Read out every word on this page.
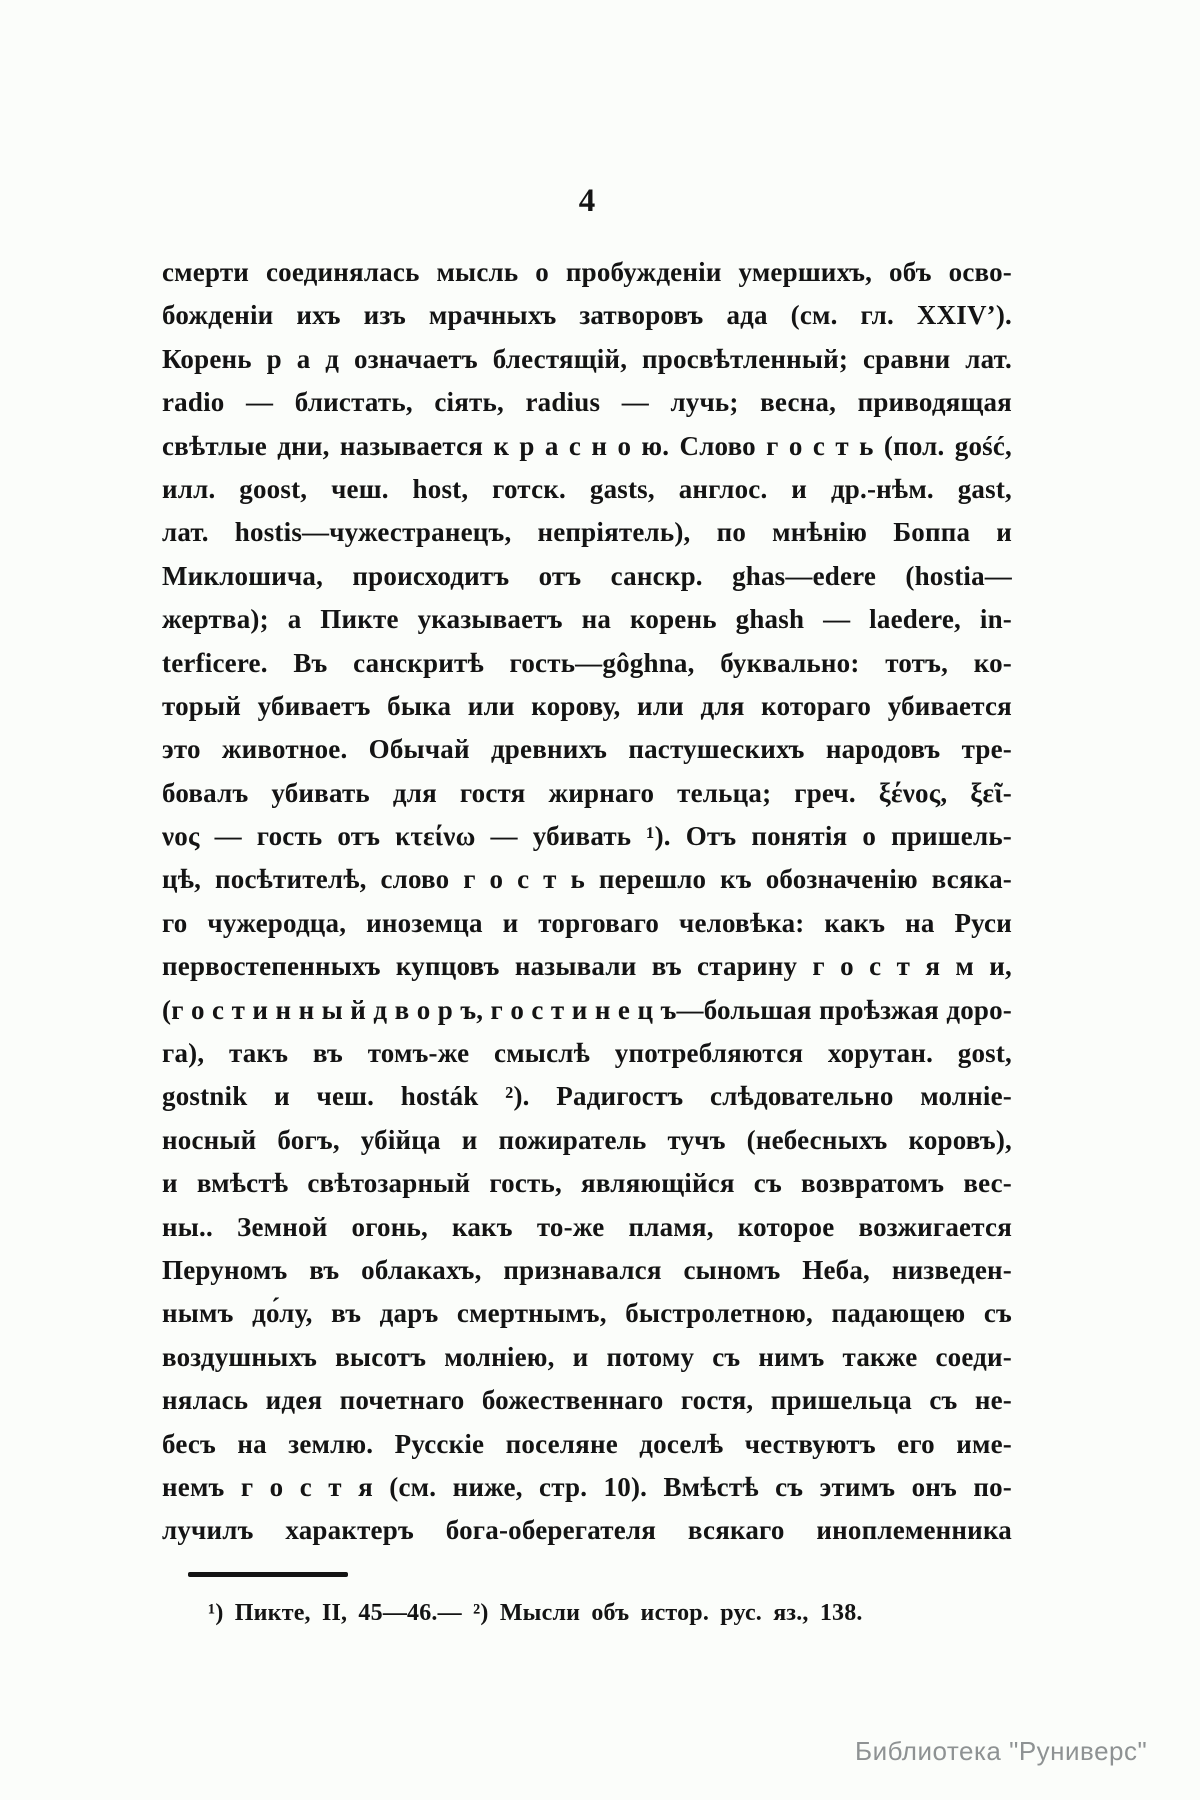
4
смерти соединялась мысль о пробужденіи умершихъ, объ осво-
божденіи ихъ изъ мрачныхъ затворовъ ада (см. гл. XXIV’).
Корень р а д означаетъ блестящій, просвѣтленный; сравни лат.
radio — блистать, сіять, radius — лучь; весна, приводящая
свѣтлые дни, называется к р а с н о ю. Слово г о с т ь (пол. gość,
илл. goost, чеш. host, готск. gasts, англос. и др.-нѣм. gast,
лат. hostis—чужестранецъ, непріятель), по мнѣнію Боппа и
Миклошича, происходитъ отъ санскр. ghas—edere (hostia—
жертва); а Пикте указываетъ на корень ghash — laedere, in-
terficere. Въ санскритѣ гость—gôghna, буквально: тотъ, ко-
торый убиваетъ быка или корову, или для котораго убивается
это животное. Обычай древнихъ пастушескихъ народовъ тре-
бовалъ убивать для гостя жирнаго тельца; греч. ξένος, ξεῖ-
νος — гость отъ κτείνω — убивать ¹). Отъ понятія о пришель-
цѣ, посѣтителѣ, слово г о с т ь перешло къ обозначенію всяка-
го чужеродца, иноземца и торговаго человѣка: какъ на Руси
первостепенныхъ купцовъ называли въ старину г о с т я м и,
(г о с т и н н ы й д в о р ъ, г о с т и н е ц ъ—большая проѣзжая доро-
га), такъ въ томъ-же смыслѣ употребляются хорутан. gost,
gostnik и чеш. hosták ²). Радигостъ слѣдовательно молніе-
носный богъ, убійца и пожиратель тучъ (небесныхъ коровъ),
и вмѣстѣ свѣтозарный гость, являющійся съ возвратомъ вес-
ны.. Земной огонь, какъ то-же пламя, которое возжигается
Перуномъ въ облакахъ, признавался сыномъ Неба, низведен-
нымъ до́лу, въ даръ смертнымъ, быстролетною, падающею съ
воздушныхъ высотъ молніею, и потому съ нимъ также соеди-
нялась идея почетнаго божественнаго гостя, пришельца съ не-
бесъ на землю. Русскіе поселяне доселѣ чествуютъ его име-
немъ г о с т я (см. ниже, стр. 10). Вмѣстѣ съ этимъ онъ по-
лучилъ характеръ бога-оберегателя всякаго иноплеменника
¹) Пикте, II, 45—46.— ²) Мысли объ истор. рус. яз., 138.
Библиотека "Руниверс"
